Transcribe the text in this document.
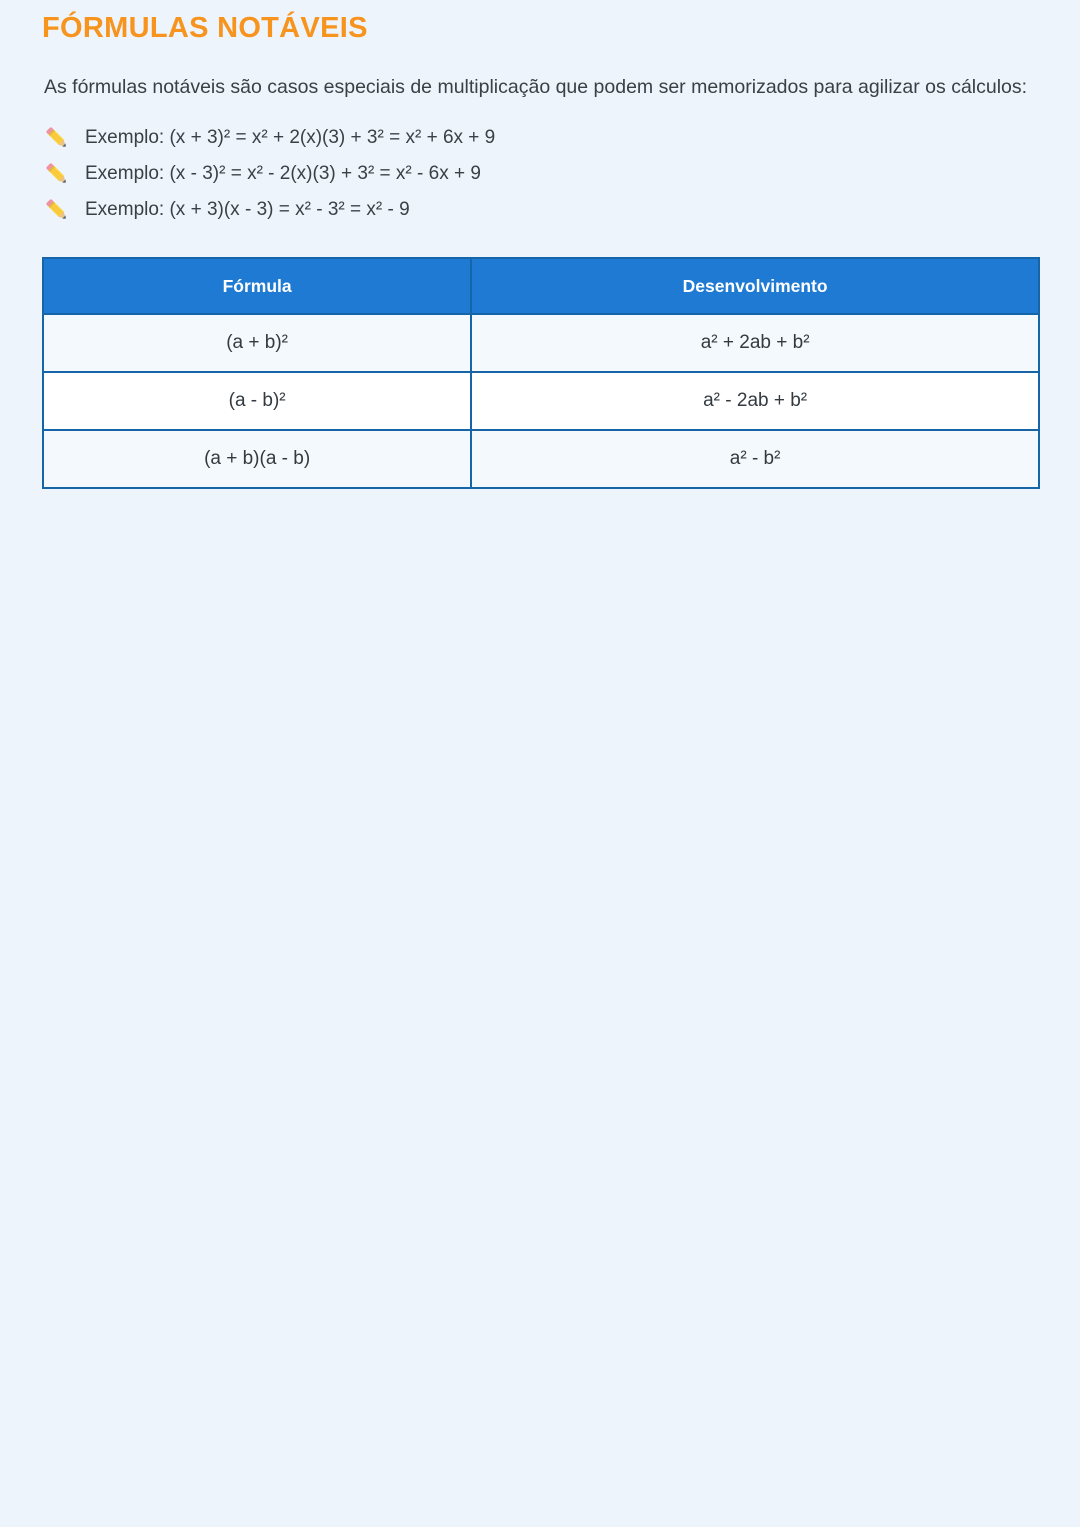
FÓRMULAS NOTÁVEIS

As fórmulas notáveis são casos especiais de multiplicação que podem ser memorizados para agilizar os cálculos:

Exemplo: (x + 3)² = x² + 2(x)(3) + 3² = x² + 6x + 9
Exemplo: (x - 3)² = x² - 2(x)(3) + 3² = x² - 6x + 9
Exemplo: (x + 3)(x - 3) = x² - 3² = x² - 9
Fórmula	Desenvolvimento
(a + b)²	a² + 2ab + b²
(a - b)²	a² - 2ab + b²
(a + b)(a - b)	a² - b²
